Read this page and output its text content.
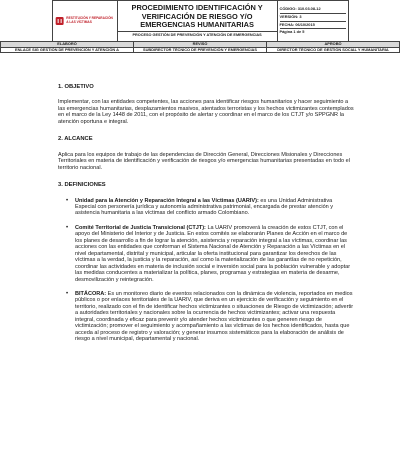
RESTITUCIÓN Y REPARACIÓN A LAS VÍCTIMAS

PROCEDIMIENTO IDENTIFICACIÓN Y VERIFICACIÓN DE RIESGO Y/O EMERGENCIAS HUMANITARIAS
PROCESO GESTIÓN DE PREVENCIÓN Y ATENCIÓN DE EMERGENCIAS

CÓDIGO: 310.03.08-12
VERSIÓN: 3
FECHA: 06/10/2015
Página 1 de 5
ELABORÓ	REVISÓ	APROBÓ
ENLACE SIG GESTIÓN DE PREVENCIÓN Y ATENCIÓN A	SUBDIRECTOR TÉCNICO DE PREVENCIÓN Y EMERGENCIAS	DIRECTOR TÉCNICO DE GESTIÓN SOCIAL Y HUMANITARIA
1. OBJETIVO

Implementar, con las entidades competentes, las acciones para identificar riesgos humanitarios y hacer seguimiento a las emergencias humanitarias, desplazamientos masivos, atentados terroristas y los hechos victimizantes contemplados en el marco de la Ley 1448 de 2011, con el propósito de alertar y coordinar en el marco de los CTJT y/o SPPGNR la atención oportuna e integral.

2. ALCANCE

Aplica para los equipos de trabajo de las dependencias de Dirección General, Direcciones Misionales y Direcciones Territoriales en materia de identificación y verificación de riesgos y/o emergencias humanitarias presentadas en todo el territorio nacional.

3. DEFINICIONES
• Unidad para la Atención y Reparación Integral a las Víctimas (UARIV): es una Unidad Administrativa Especial con personería jurídica y autonomía administrativa patrimonial, encargada de prestar atención y asistencia humanitaria a las víctimas del conflicto armado Colombiano.
• Comité Territorial de Justicia Transicional (CTJT): La UARIV promoverá la creación de estos CTJT, con el apoyo del Ministerio del Interior y de Justicia. En estos comités se elaborarán Planes de Acción en el marco de los planes de desarrollo a fin de lograr la atención, asistencia y reparación integral a las víctimas, coordinar las acciones con las entidades que conforman el Sistema Nacional de Atención y Reparación a las Víctimas en el nivel departamental, distrital y municipal, articular la oferta institucional para garantizar los derechos de las víctimas a la verdad, la justicia y la reparación, así como la materialización de las garantías de no repetición, coordinar las actividades en materia de inclusión social e inversión social para la población vulnerable y adoptar las medidas conducentes a materializar la política, planes, programas y estrategias en materia de desarme, desmovilización y reintegración.
• BITÁCORA: Es un monitoreo diario de eventos relacionados con la dinámica de violencia, reportados en medios públicos o por enlaces territoriales de la UARIV, que deriva en un ejercicio de verificación y seguimiento en el territorio, realizado con el fin de identificar hechos victimizantes o situaciones de Riesgo de victimización; advertir a autoridades territoriales y nacionales sobre la ocurrencia de hechos victimizantes; activar una respuesta integral, coordinada y eficaz para prevenir y/o atender hechos victimizantes o que generen riesgo de victimización; promover el seguimiento y acompañamiento a las víctimas de los hechos identificados, hasta que acceda al proceso de registro y valoración; y generar insumos sistemáticos para la elaboración de análisis de riesgo a nivel municipal, departamental y nacional.
